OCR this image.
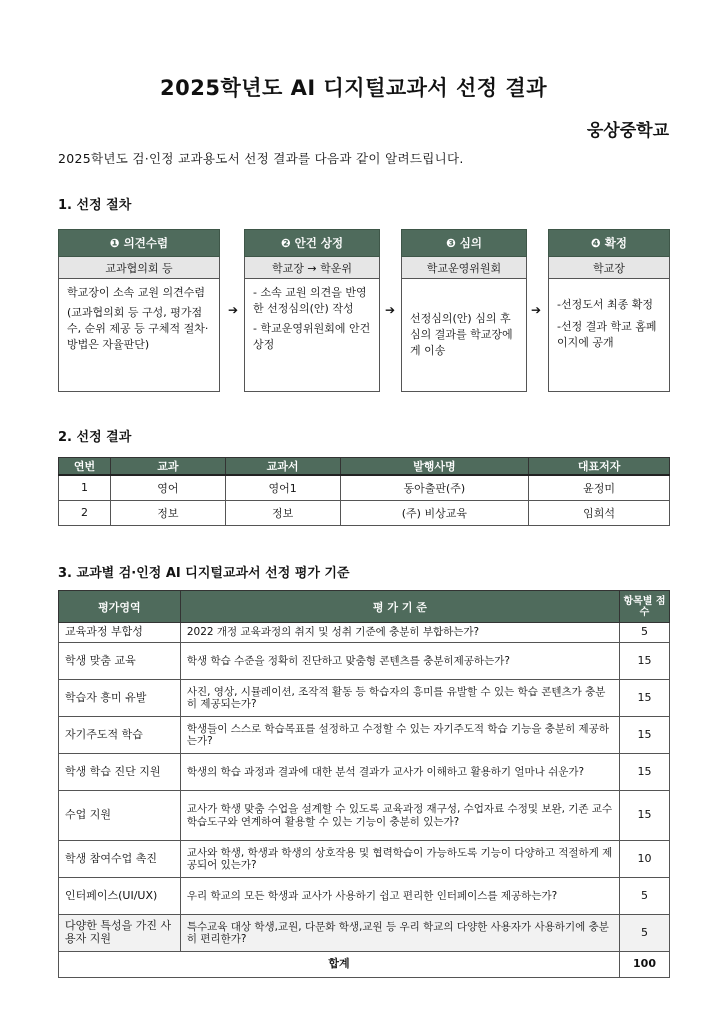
2025학년도 AI 디지털교과서 선정 결과
웅상중학교
2025학년도 검·인정 교과용도서 선정 결과를 다음과 같이 알려드립니다.
1. 선정 절차
❶ 의견수렴
교과협의회 등
학교장이 소속 교원 의견수렴
(교과협의회 등 구성, 평가점수, 순위 제공 등 구체적 절차·방법은 자율판단)
➔
❷ 안건 상정
학교장 → 학운위
- 소속 교원 의견을 반영한 선정심의(안) 작성
- 학교운영위원회에 안건 상정
➔
❸ 심의
학교운영위원회
선정심의(안) 심의 후 심의 결과를 학교장에게 이송
➔
❹ 확정
학교장
-선정도서 최종 확정
-선정 결과 학교 홈페이지에 공개
2. 선정 결과
연번	교과	교과서	발행사명	대표저자
1	영어	영어1	동아출판(주)	윤정미
2	정보	정보	(주) 비상교육	임희석
3. 교과별 검·인정 AI 디지털교과서 선정 평가 기준
평가영역	평 가 기 준	항목별 점수
교육과정 부합성	2022 개정 교육과정의 취지 및 성취 기준에 충분히 부합하는가?	5
학생 맞춤 교육	학생 학습 수준을 정확히 진단하고 맞춤형 콘텐츠를 충분히제공하는가?	15
학습자 흥미 유발	사진, 영상, 시뮬레이션, 조작적 활동 등 학습자의 흥미를 유발할 수 있는 학습 콘텐츠가 충분히 제공되는가?	15
자기주도적 학습	학생들이 스스로 학습목표를 설정하고 수정할 수 있는 자기주도적 학습 기능을 충분히 제공하는가?	15
학생 학습 진단 지원	학생의 학습 과정과 결과에 대한 분석 결과가 교사가 이해하고 활용하기 얼마나 쉬운가?	15
수업 지원	교사가 학생 맞춤 수업을 설계할 수 있도록 교육과정 재구성, 수업자료 수정및 보완, 기존 교수학습도구와 연계하여 활용할 수 있는 기능이 충분히 있는가?	15
학생 참여수업 촉진	교사와 학생, 학생과 학생의 상호작용 및 협력학습이 가능하도록 기능이 다양하고 적절하게 제공되어 있는가?	10
인터페이스(UI/UX)	우리 학교의 모든 학생과 교사가 사용하기 쉽고 편리한 인터페이스를 제공하는가?	5
다양한 특성을 가진 사용자 지원	특수교육 대상 학생,교원, 다문화 학생,교원 등 우리 학교의 다양한 사용자가 사용하기에 충분히 편리한가?	5
합계		100
